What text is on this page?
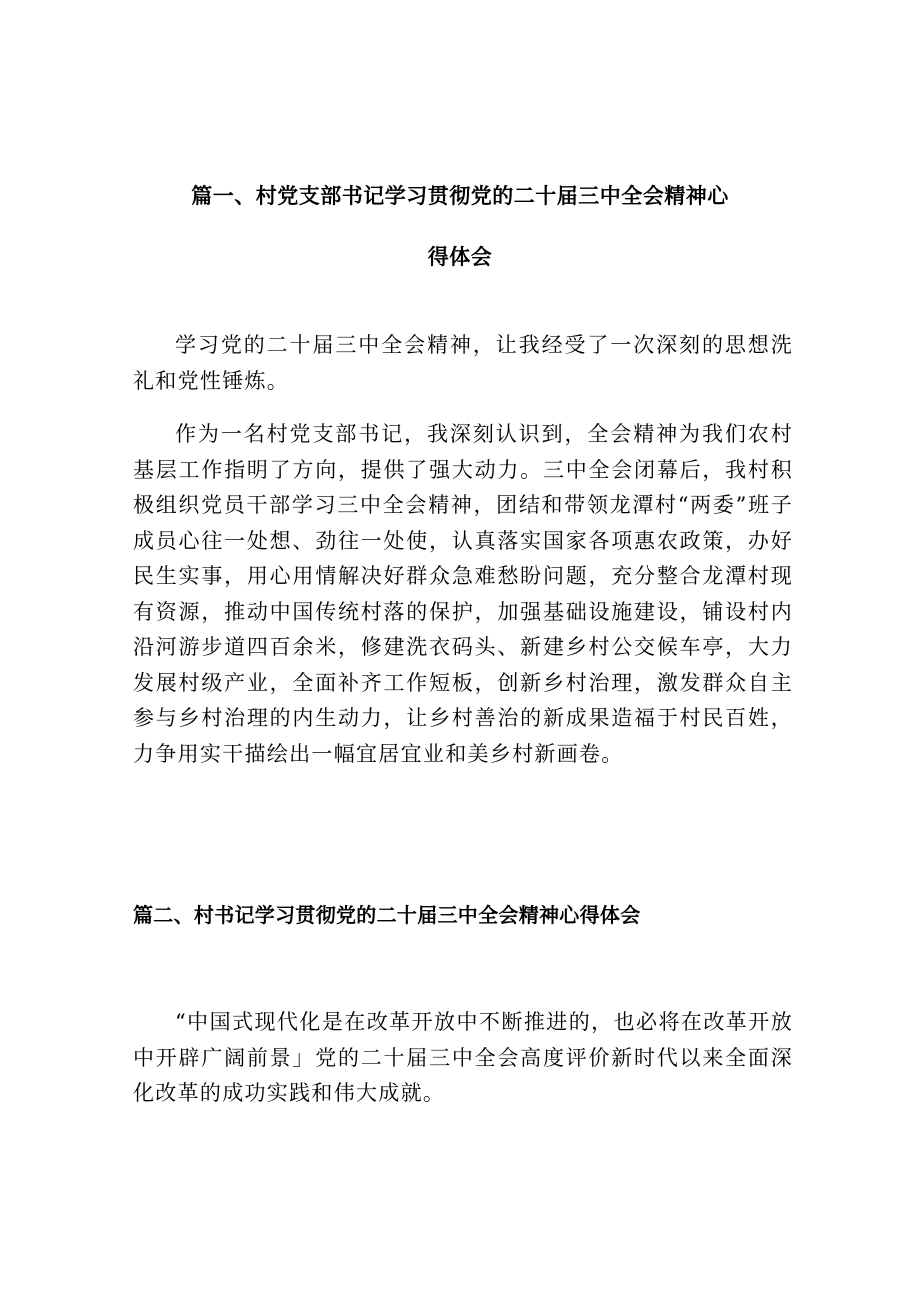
篇一、村党支部书记学习贯彻党的二十届三中全会精神心
得体会

学习党的二十届三中全会精神，让我经受了一次深刻的思想洗礼和党性锤炼。

作为一名村党支部书记，我深刻认识到，全会精神为我们农村基层工作指明了方向，提供了强大动力。三中全会闭幕后，我村积极组织党员干部学习三中全会精神，团结和带领龙潭村“两委”班子成员心往一处想、劲往一处使，认真落实国家各项惠农政策，办好民生实事，用心用情解决好群众急难愁盼问题，充分整合龙潭村现有资源，推动中国传统村落的保护，加强基础设施建设，铺设村内沿河游步道四百余米，修建洗衣码头、新建乡村公交候车亭，大力发展村级产业，全面补齐工作短板，创新乡村治理，激发群众自主参与乡村治理的内生动力，让乡村善治的新成果造福于村民百姓，力争用实干描绘出一幅宜居宜业和美乡村新画卷。

篇二、村书记学习贯彻党的二十届三中全会精神心得体会

“中国式现代化是在改革开放中不断推进的，也必将在改革开放中开辟广阔前景」党的二十届三中全会高度评价新时代以来全面深化改革的成功实践和伟大成就。
